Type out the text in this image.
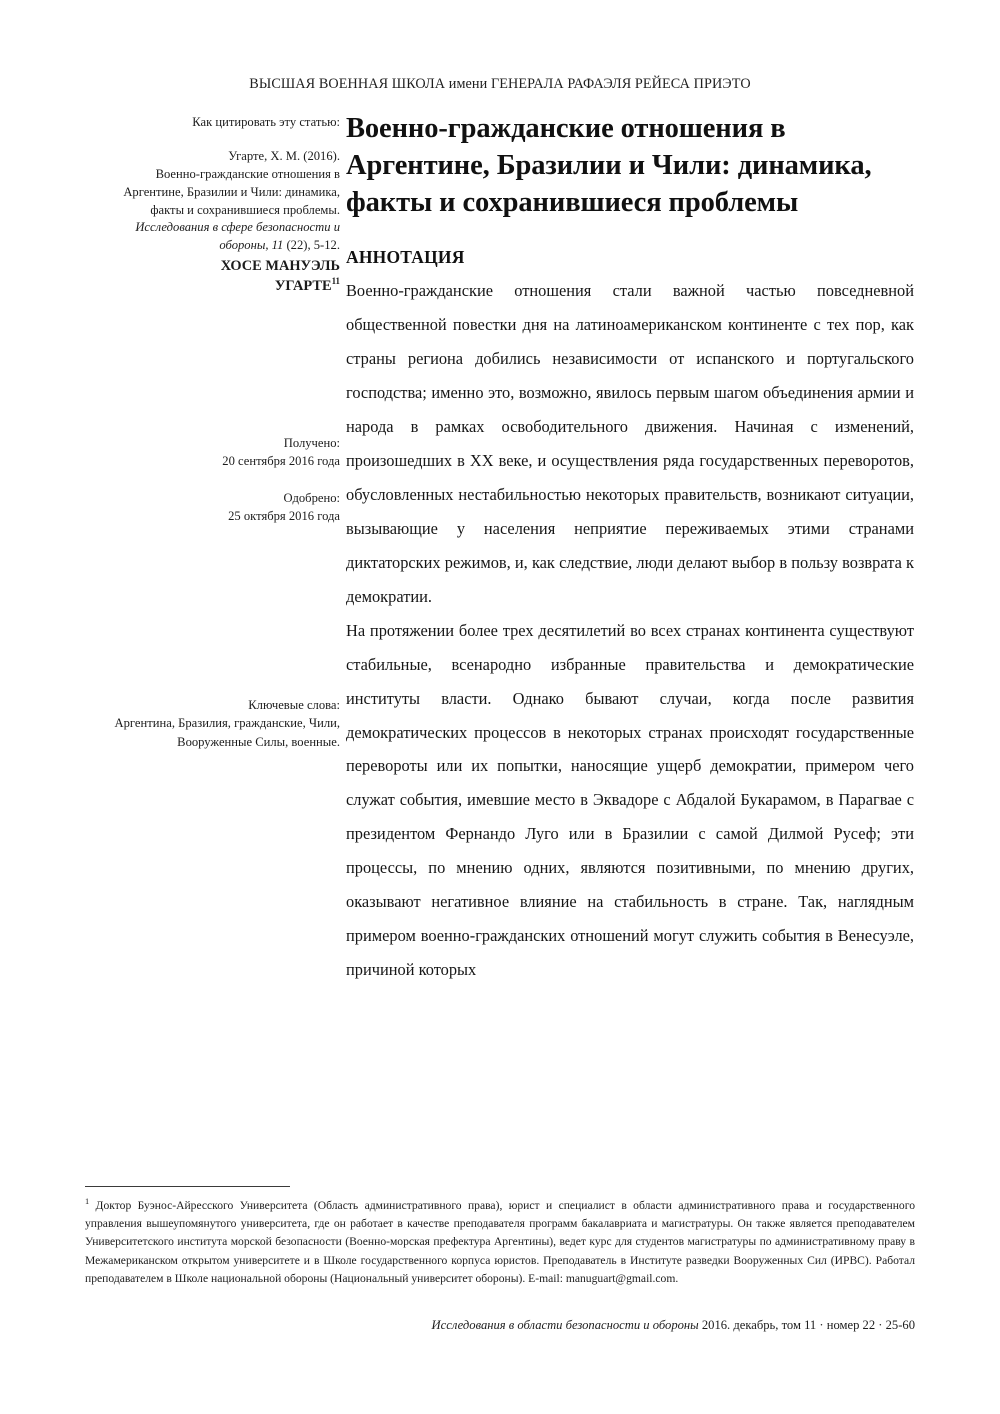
ВЫСШАЯ ВОЕННАЯ ШКОЛА имени ГЕНЕРАЛА РАФАЭЛЯ РЕЙЕСА ПРИЭТО
Как цитировать эту статью:
Угарте, Х. М. (2016).
Военно-гражданские отношения в
Аргентине, Бразилии и Чили: динамика,
факты и сохранившиеся проблемы.
Исследования в сфере безопасности и
обороны, 11 (22), 5-12.
ХОСЕ МАНУЭЛЬ
УГАРТЕ$^{11}$
Получено:
20 сентября 2016 года
Одобрено:
25 октября 2016 года
Ключевые слова:
Аргентина, Бразилия, гражданские, Чили,
Вооруженные Силы, военные.
Военно-гражданские отношения в Аргентине, Бразилии и Чили: динамика, факты и сохранившиеся проблемы
АННОТАЦИЯ

Военно-гражданские отношения стали важной частью повседневной общественной повестки дня на латиноамериканском континенте с тех пор, как страны региона добились независимости от испанского и португальского господства; именно это, возможно, явилось первым шагом объединения армии и народа в рамках освободительного движения. Начиная с изменений, произошедших в XX веке, и осуществления ряда государственных переворотов, обусловленных нестабильностью некоторых правительств, возникают ситуации, вызывающие у населения неприятие переживаемых этими странами диктаторских режимов, и, как следствие, люди делают выбор в пользу возврата к демократии.

На протяжении более трех десятилетий во всех странах континента существуют стабильные, всенародно избранные правительства и демократические институты власти. Однако бывают случаи, когда после развития демократических процессов в некоторых странах происходят государственные перевороты или их попытки, наносящие ущерб демократии, примером чего служат события, имевшие место в Эквадоре с Абдалой Букарамом, в Парагвае с президентом Фернандо Луго или в Бразилии с самой Дилмой Русеф; эти процессы, по мнению одних, являются позитивными, по мнению других, оказывают негативное влияние на стабильность в стране. Так, наглядным примером военно-гражданских отношений могут служить события в Венесуэле, причиной которых

$^1$ Доктор Буэнос-Айресского Университета (Область административного права), юрист и специалист в области административного права и государственного управления вышеупомянутого университета, где он работает в качестве преподавателя программ бакалавриата и магистратуры. Он также является преподавателем Университетского института морской безопасности (Военно-морская префектура Аргентины), ведет курс для студентов магистратуры по административному праву в Межамериканском открытом университете и в Школе государственного корпуса юристов. Преподаватель в Институте разведки Вооруженных Сил (ИРВС). Работал преподавателем в Школе национальной обороны (Национальный университет обороны). E-mail: manuguart@gmail.com.
Исследования в области безопасности и обороны 2016. декабрь, том 11 · номер 22 · 25-60
